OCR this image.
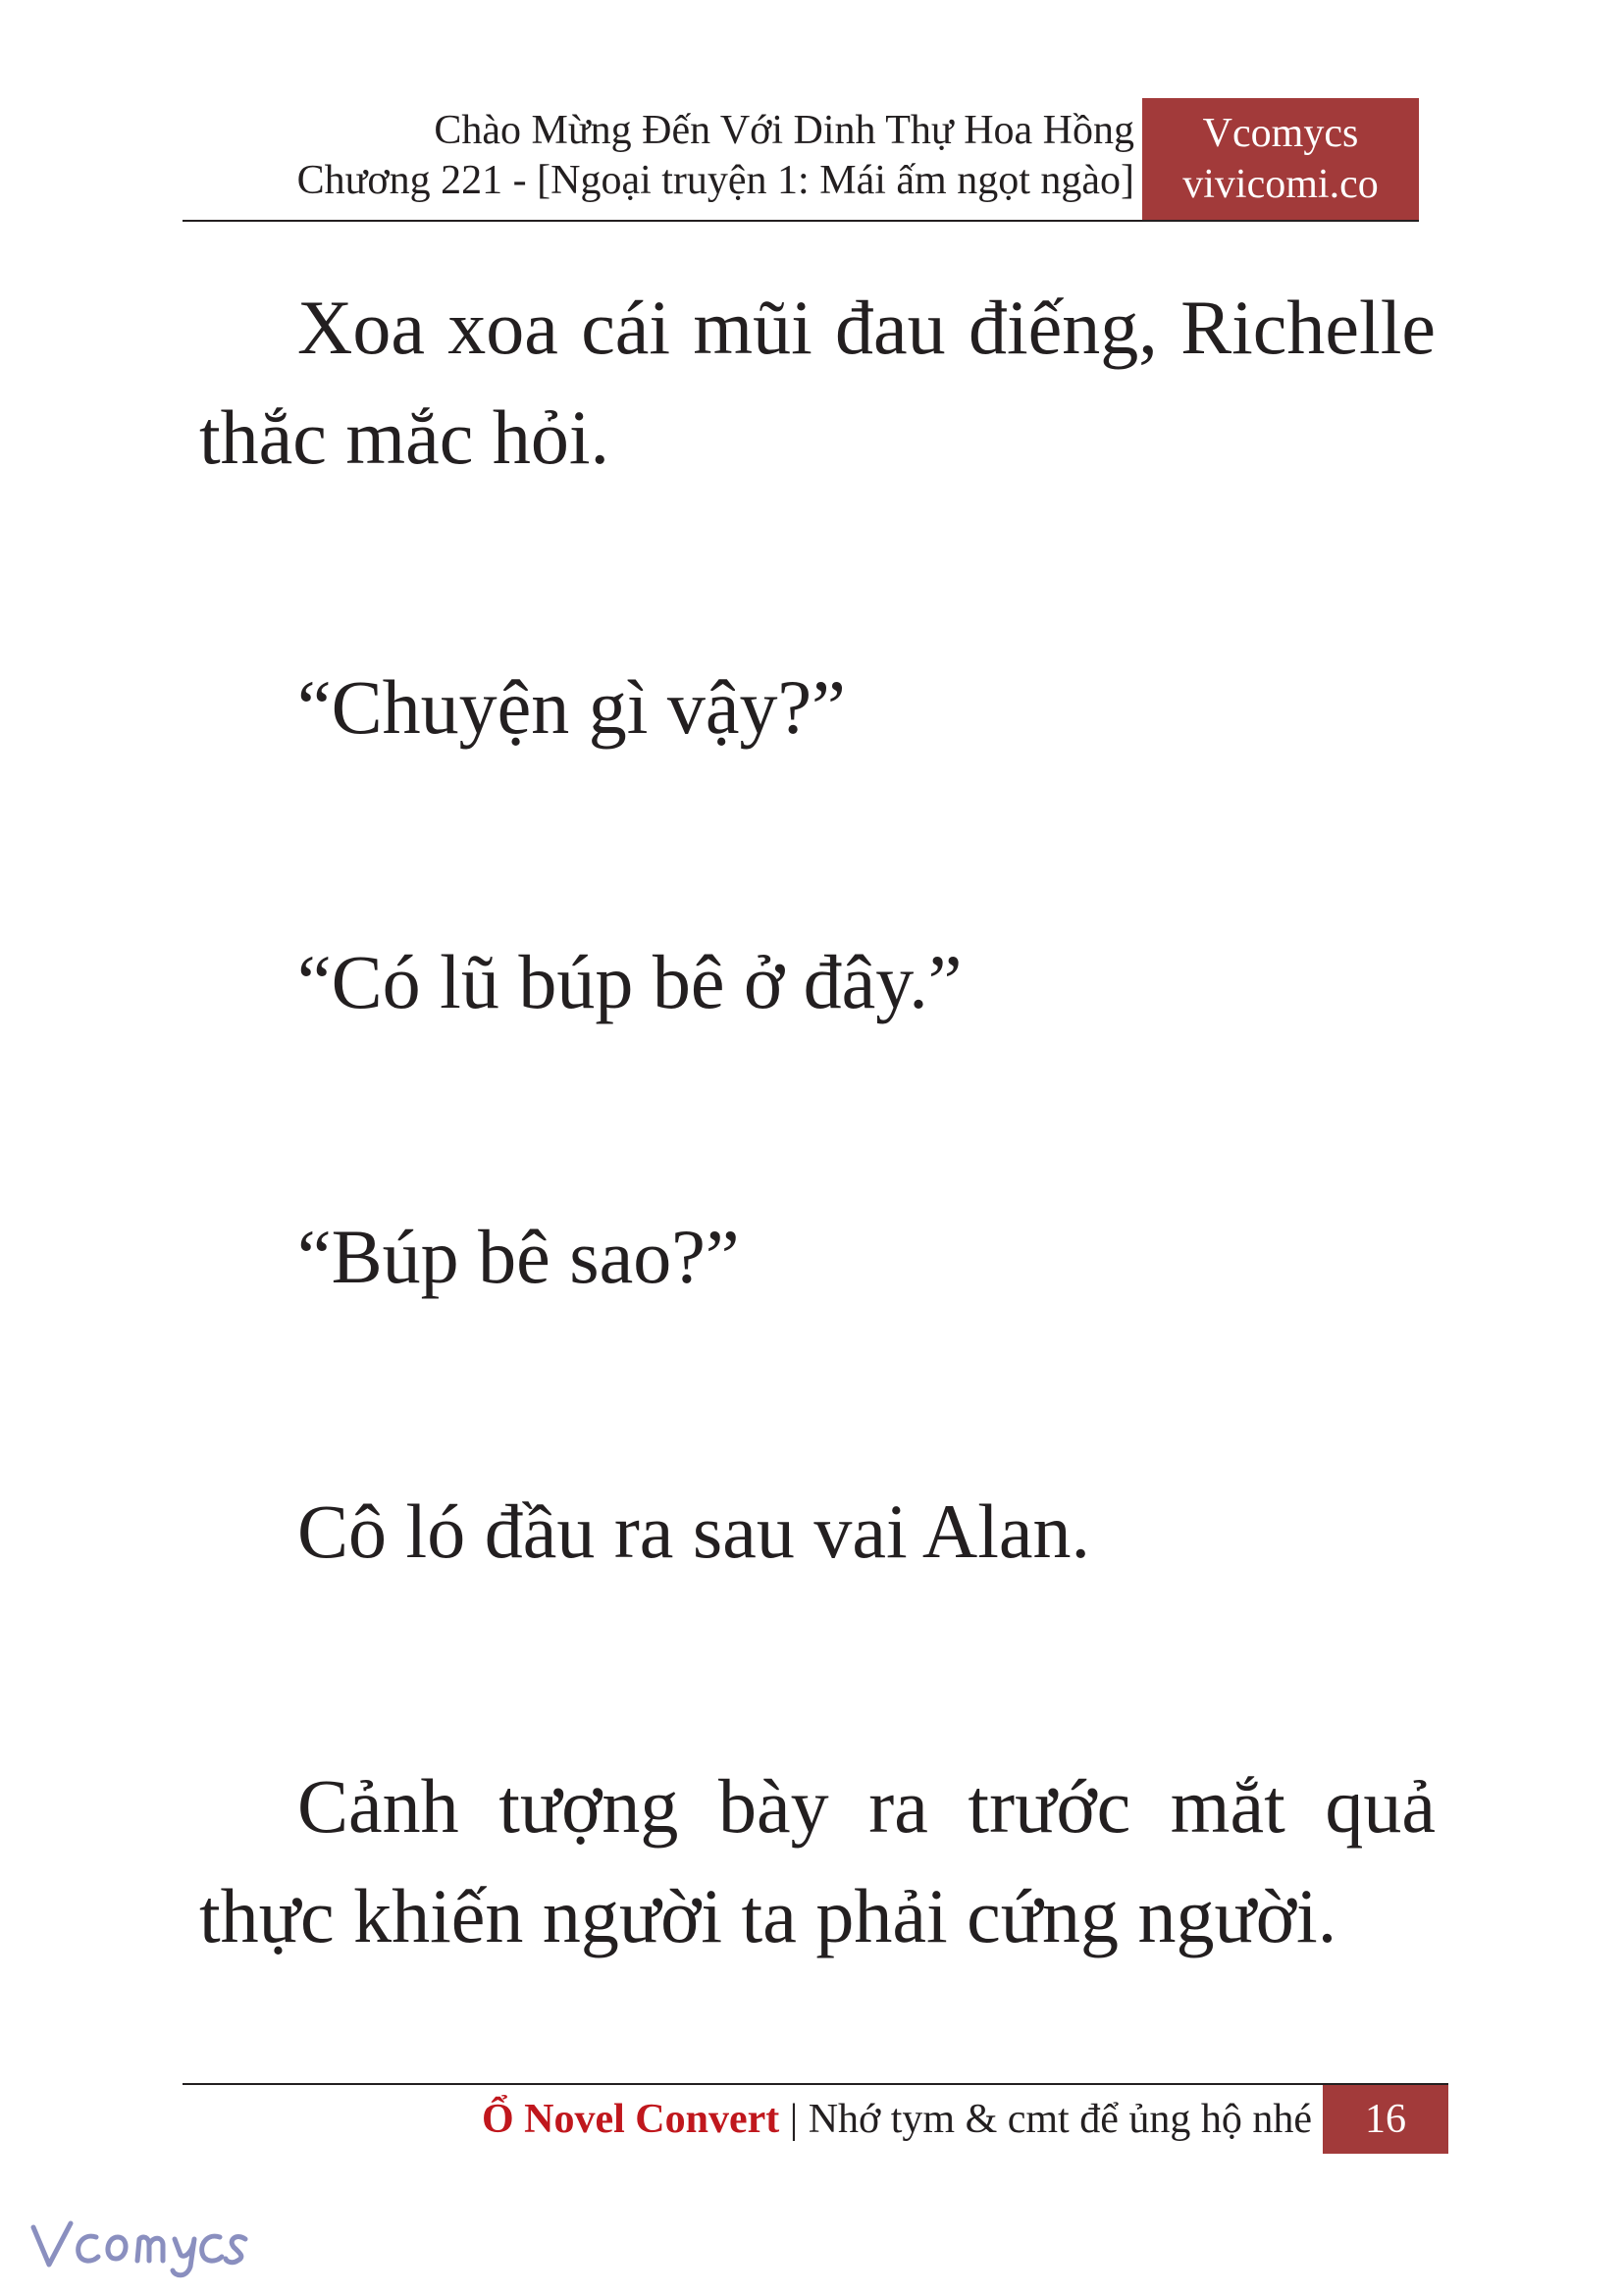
Chào Mừng Đến Với Dinh Thự Hoa Hồng
Chương 221 - [Ngoại truyện 1: Mái ấm ngọt ngào]
Vcomycs
vivicomi.co

Xoa xoa cái mũi đau điếng, Richelle thắc mắc hỏi.

“Chuyện gì vậy?”

“Có lũ búp bê ở đây.”

“Búp bê sao?”

Cô ló đầu ra sau vai Alan.

Cảnh tượng bày ra trước mắt quả thực khiến người ta phải cứng người.

Ổ Novel Convert | Nhớ tym & cmt để ủng hộ nhé	16
